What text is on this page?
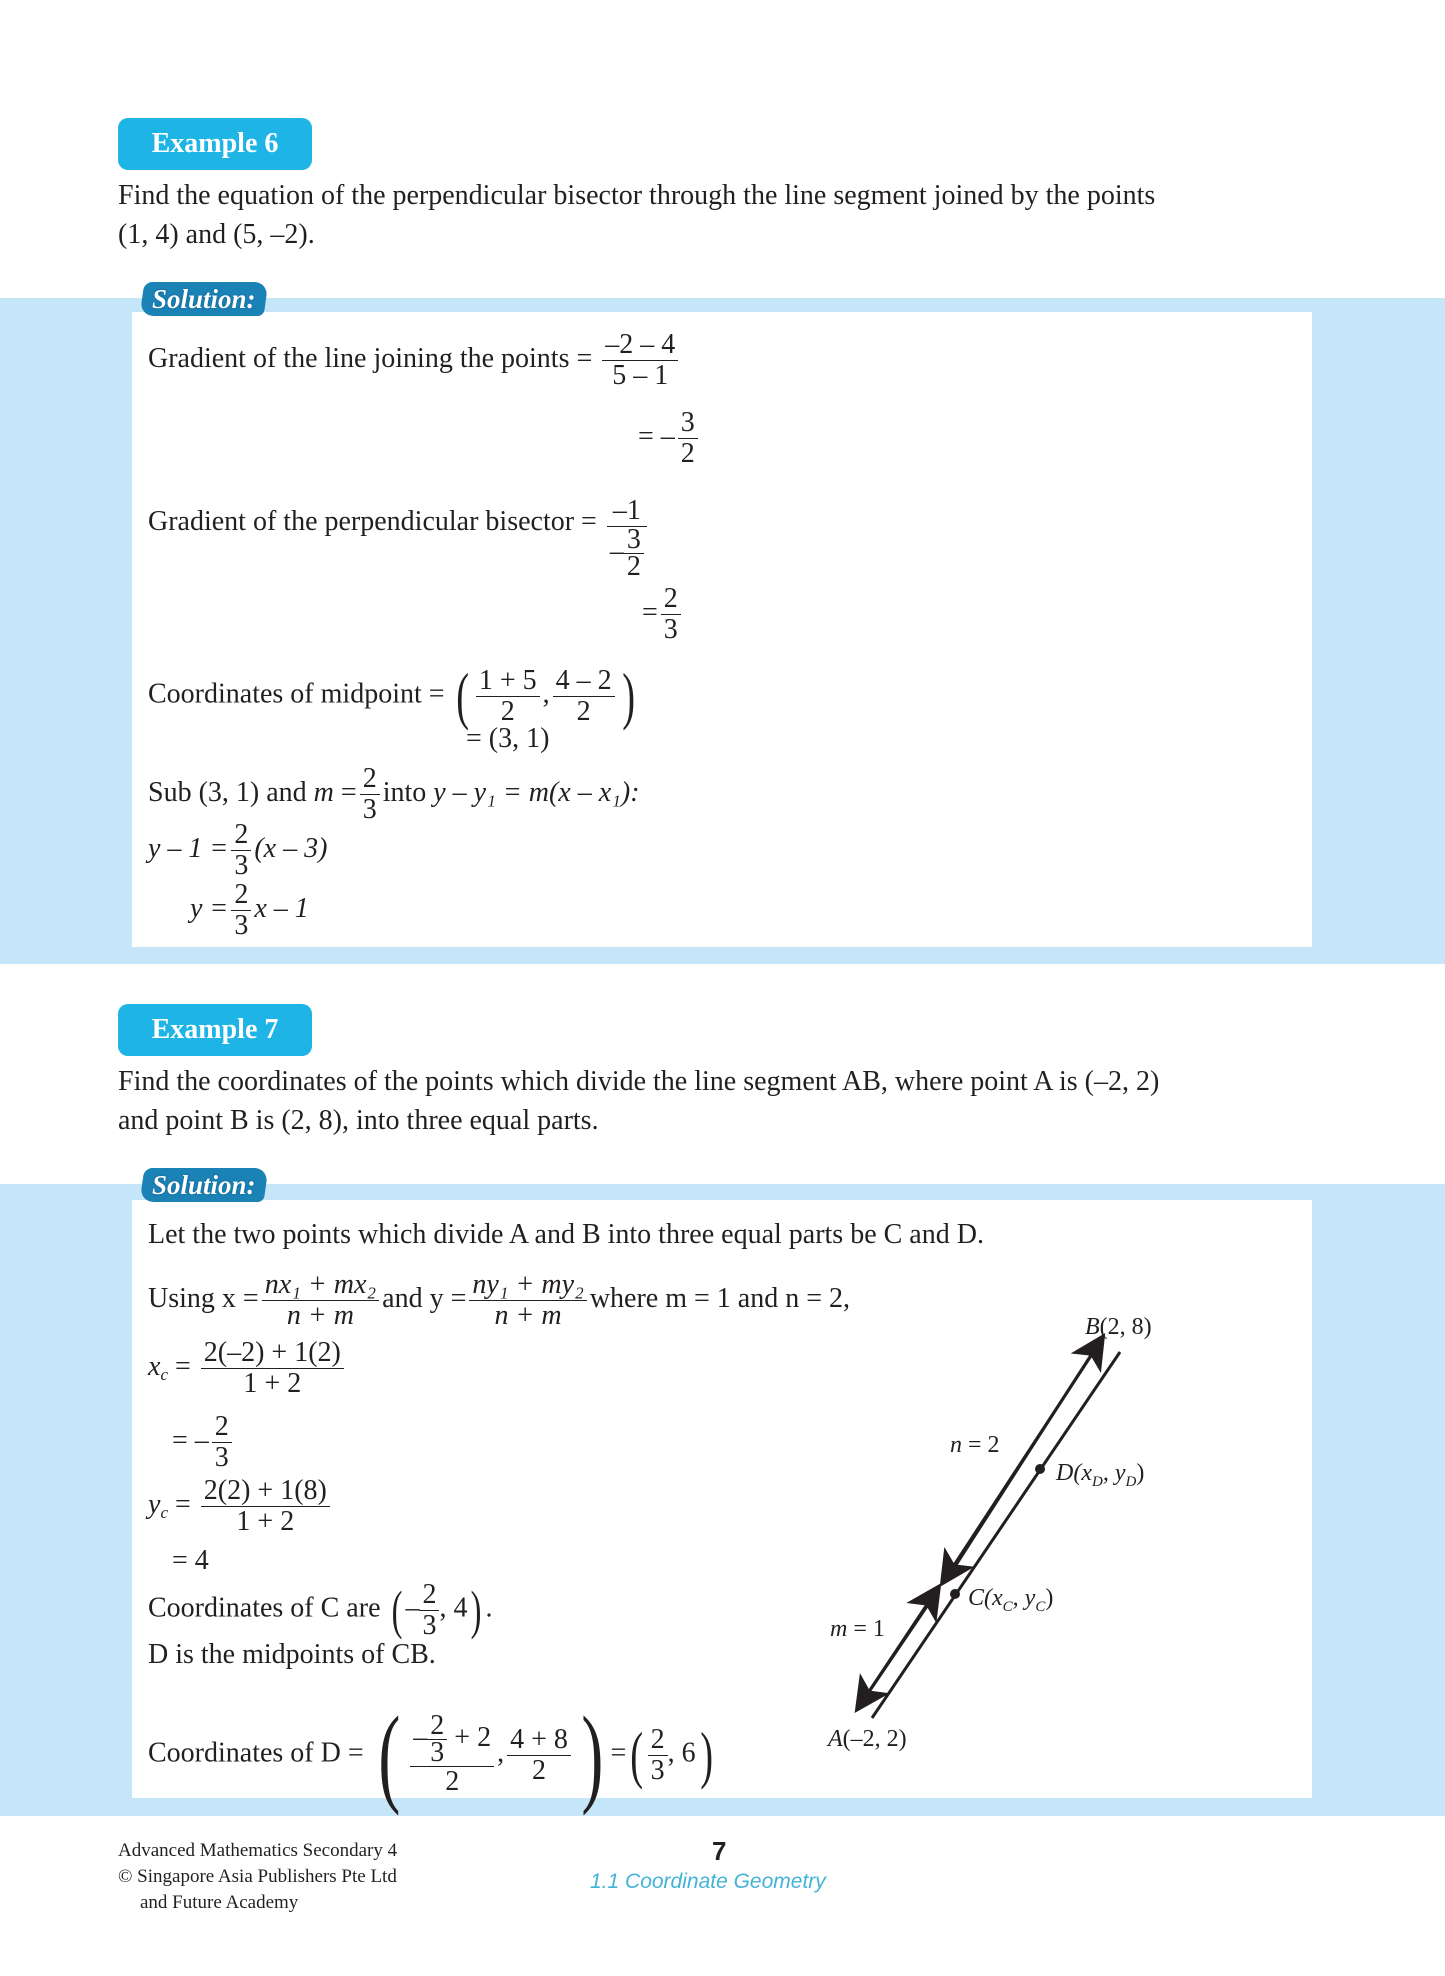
Example 6
Find the equation of the perpendicular bisector through the line segment joined by the points
(1, 4) and (5, –2).
Solution:
Gradient of the line joining the points = $\frac{-2 - 4}{5 - 1}$
= – $\frac{3}{2}$
Gradient of the perpendicular bisector = $\frac{-1}{- \frac{3}{2}}$
= $\frac{2}{3}$
Coordinates of midpoint = ( $\frac{1 + 5}{2}$ , $\frac{4 - 2}{2}$ )
= (3, 1)
Sub (3, 1) and $m = \frac{2}{3}$ into y – y₁ = m(x – x₁):
$y - 1 = \frac{2}{3} (x - 3)$
$y = \frac{2}{3}$ x – 1
Example 7
Find the coordinates of the points which divide the line segment AB, where point A is (–2, 2)
and point B is (2, 8), into three equal parts.
Solution:
Let the two points which divide A and B into three equal parts be C and D.
Using $x = \frac{\text{nx₁ + mx₂}}{n + m}$ and $y = \frac{\text{ny₁ + my₂}}{n + m}$ where m = 1 and n = 2,
$x_c = \frac{2(-2) + 1(2)}{1 + 2}$
= – $\frac{2}{3}$
$y_c = \frac{2(2) + 1(8)}{1 + 2}$
= 4
Coordinates of C are ( – $\frac{2}{3}$ , 4) .
D is the midpoints of CB.
Coordinates of D = ( $\frac{- \frac{2}{3} + 2}{2}$ , $\frac{4 + 8}{2}$ ) =( $\frac{2}{3}$ , 6)
B(2, 8)
n = 2
$D(x_D$, $y_D$)
$C(x_C$, $y_C$)
m = 1
A(–2, 2)
Advanced Mathematics Secondary 4
© Singapore Asia Publishers Pte Ltd
and Future Academy
7
1.1 Coordinate Geometry
